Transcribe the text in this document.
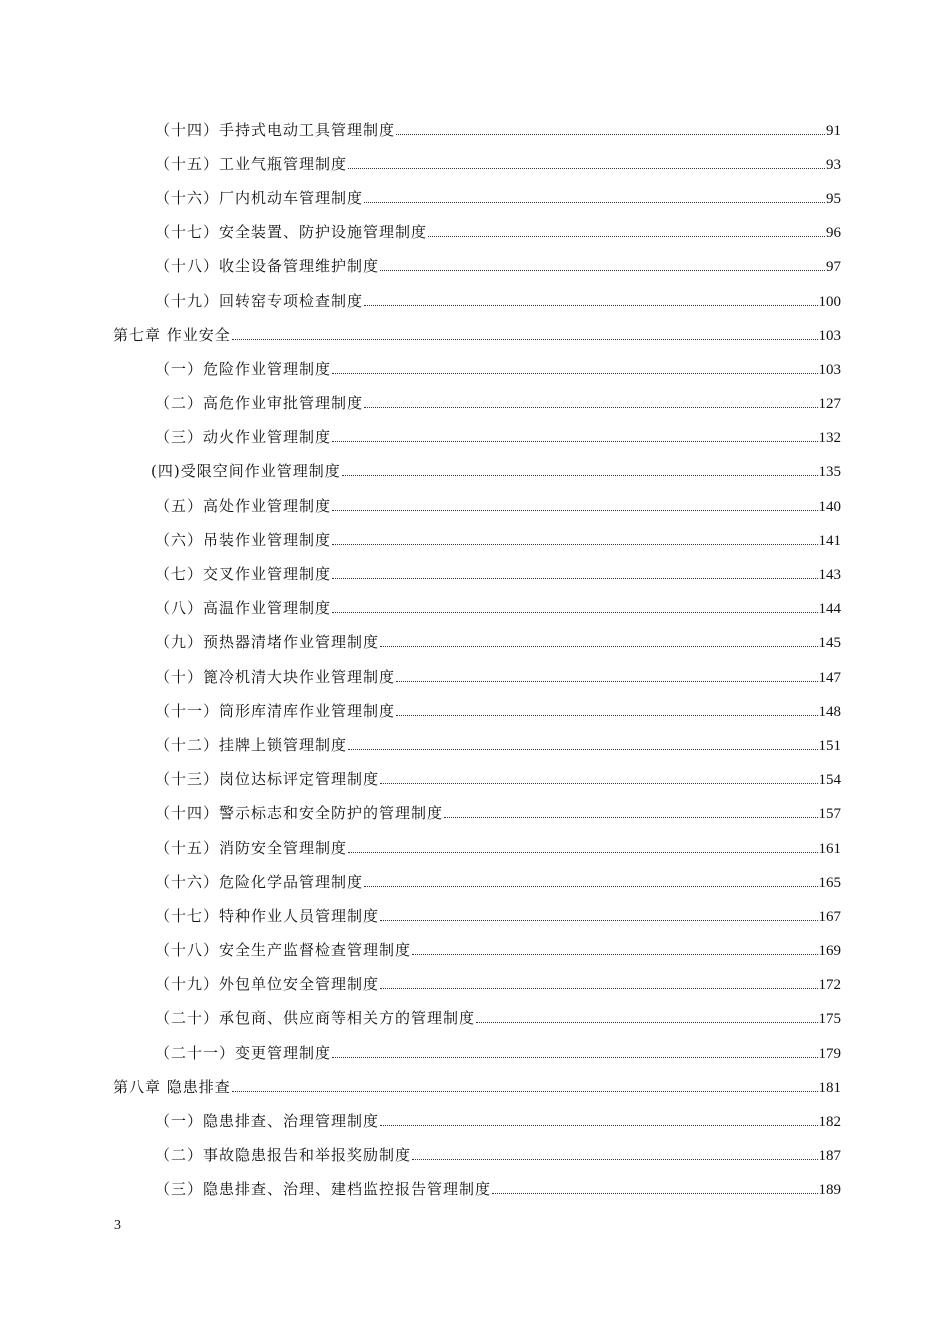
（十四）手持式电动工具管理制度	91
（十五）工业气瓶管理制度	93
（十六）厂内机动车管理制度	95
（十七）安全装置、防护设施管理制度	96
（十八）收尘设备管理维护制度	97
（十九）回转窑专项检查制度	100
第七章 作业安全	103
（一）危险作业管理制度	103
（二）高危作业审批管理制度	127
（三）动火作业管理制度	132
(四)受限空间作业管理制度	135
（五）高处作业管理制度	140
（六）吊装作业管理制度	141
（七）交叉作业管理制度	143
（八）高温作业管理制度	144
（九）预热器清堵作业管理制度	145
（十）篦冷机清大块作业管理制度	147
（十一）筒形库清库作业管理制度	148
（十二）挂牌上锁管理制度	151
（十三）岗位达标评定管理制度	154
（十四）警示标志和安全防护的管理制度	157
（十五）消防安全管理制度	161
（十六）危险化学品管理制度	165
（十七）特种作业人员管理制度	167
（十八）安全生产监督检查管理制度	169
（十九）外包单位安全管理制度	172
（二十）承包商、供应商等相关方的管理制度	175
（二十一）变更管理制度	179
第八章 隐患排查	181
（一）隐患排查、治理管理制度	182
（二）事故隐患报告和举报奖励制度	187
（三）隐患排查、治理、建档监控报告管理制度	189
3
